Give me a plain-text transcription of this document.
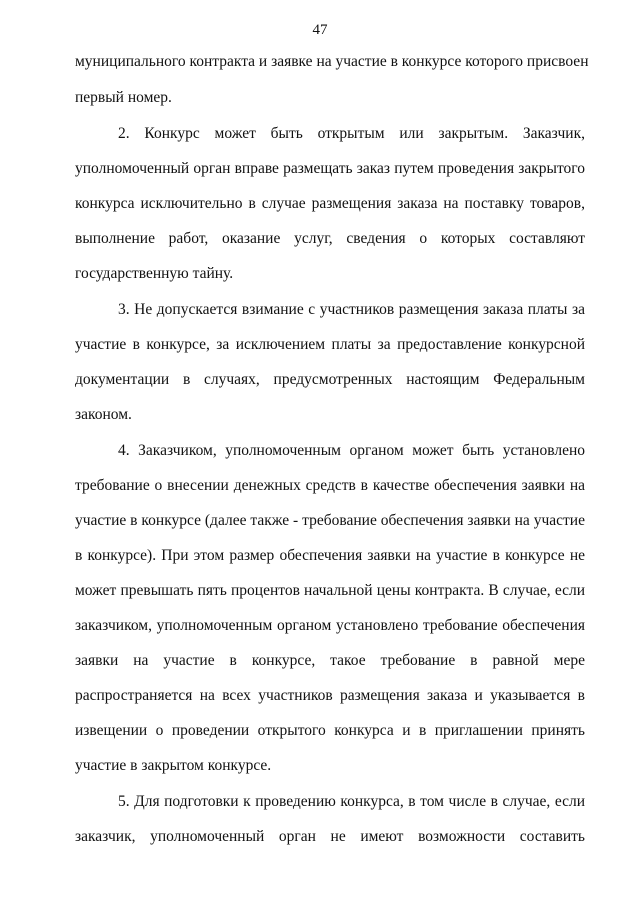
47
муниципального контракта и заявке на участие в конкурсе которого присвоен
первый номер.
2. Конкурс может быть открытым или закрытым. Заказчик,
уполномоченный орган вправе размещать заказ путем проведения закрытого
конкурса исключительно в случае размещения заказа на поставку товаров,
выполнение работ, оказание услуг, сведения о которых составляют
государственную тайну.
3. Не допускается взимание с участников размещения заказа платы за
участие в конкурсе, за исключением платы за предоставление конкурсной
документации в случаях, предусмотренных настоящим Федеральным
законом.
4. Заказчиком, уполномоченным органом может быть установлено
требование о внесении денежных средств в качестве обеспечения заявки на
участие в конкурсе (далее также - требование обеспечения заявки на участие
в конкурсе). При этом размер обеспечения заявки на участие в конкурсе не
может превышать пять процентов начальной цены контракта. В случае, если
заказчиком, уполномоченным органом установлено требование обеспечения
заявки на участие в конкурсе, такое требование в равной мере
распространяется на всех участников размещения заказа и указывается в
извещении о проведении открытого конкурса и в приглашении принять
участие в закрытом конкурсе.
5. Для подготовки к проведению конкурса, в том числе в случае, если
заказчик, уполномоченный орган не имеют возможности составить
